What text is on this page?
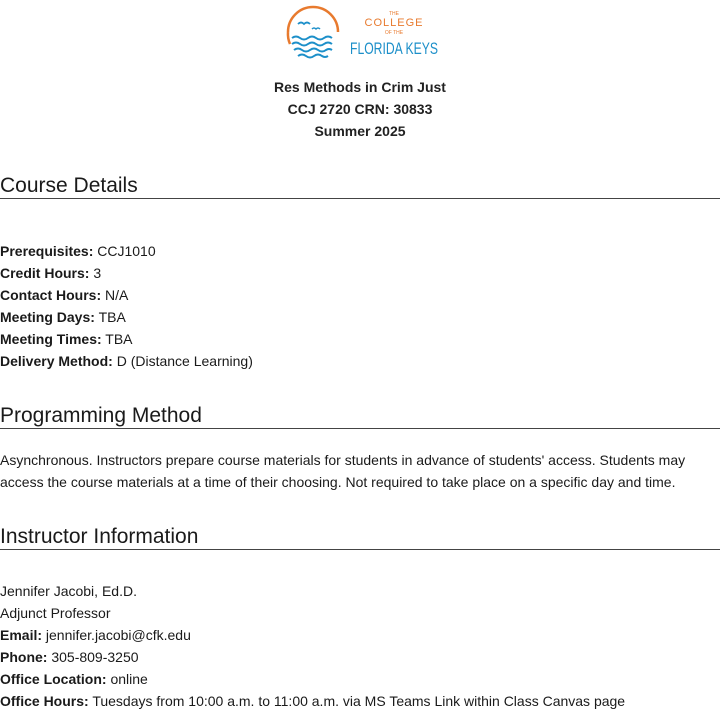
THE
COLLEGE
OF THE
FLORIDA KEYS
Res Methods in Crim Just
CCJ 2720 CRN: 30833
Summer 2025
Course Details
Prerequisites: CCJ1010
Credit Hours: 3
Contact Hours: N/A
Meeting Days: TBA
Meeting Times: TBA
Delivery Method: D (Distance Learning)
Programming Method
Asynchronous. Instructors prepare course materials for students in advance of students' access. Students may access the course materials at a time of their choosing. Not required to take place on a specific day and time.
Instructor Information
Jennifer Jacobi, Ed.D.
Adjunct Professor
Email: jennifer.jacobi@cfk.edu
Phone: 305-809-3250
Office Location: online
Office Hours: Tuesdays from 10:00 a.m. to 11:00 a.m. via MS Teams Link within Class Canvas page
